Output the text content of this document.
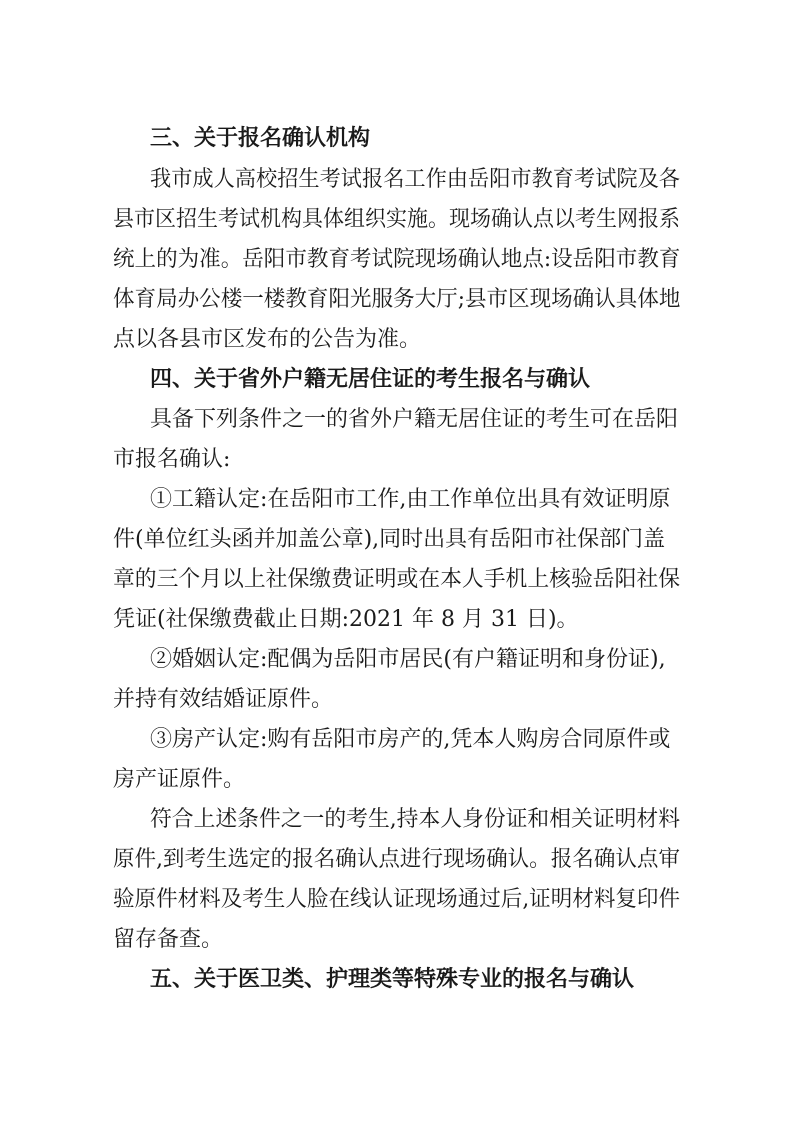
三、关于报名确认机构
我市成人高校招生考试报名工作由岳阳市教育考试院及各
县市区招生考试机构具体组织实施。现场确认点以考生网报系
统上的为准。岳阳市教育考试院现场确认地点:设岳阳市教育
体育局办公楼一楼教育阳光服务大厅;县市区现场确认具体地
点以各县市区发布的公告为准。
四、关于省外户籍无居住证的考生报名与确认
具备下列条件之一的省外户籍无居住证的考生可在岳阳
市报名确认:
①工籍认定:在岳阳市工作,由工作单位出具有效证明原
件(单位红头函并加盖公章),同时出具有岳阳市社保部门盖
章的三个月以上社保缴费证明或在本人手机上核验岳阳社保
凭证(社保缴费截止日期:2021 年 8 月 31 日)。
②婚姻认定:配偶为岳阳市居民(有户籍证明和身份证),
并持有效结婚证原件。
③房产认定:购有岳阳市房产的,凭本人购房合同原件或
房产证原件。
符合上述条件之一的考生,持本人身份证和相关证明材料
原件,到考生选定的报名确认点进行现场确认。报名确认点审
验原件材料及考生人脸在线认证现场通过后,证明材料复印件
留存备查。
五、关于医卫类、护理类等特殊专业的报名与确认
